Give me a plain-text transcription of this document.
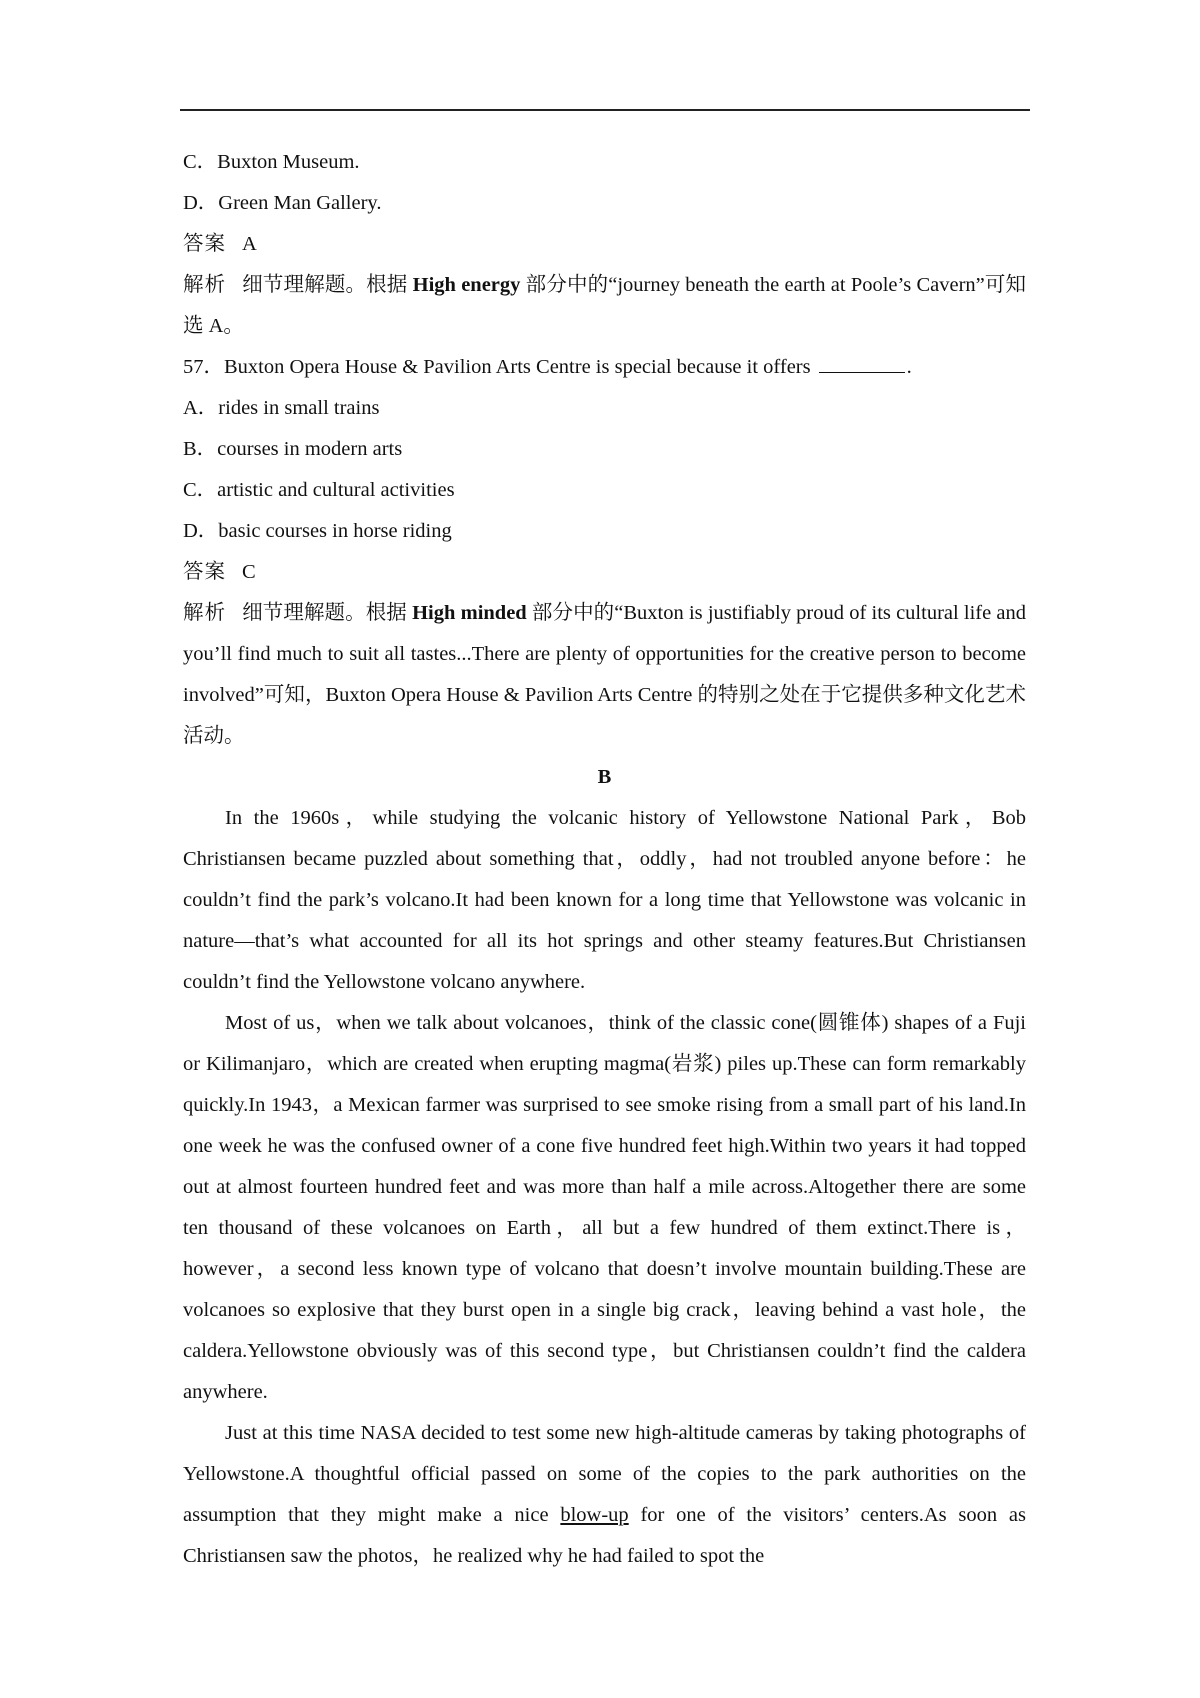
C．Buxton Museum.
D．Green Man Gallery.
答案 A
解析 细节理解题。根据 High energy 部分中的“journey beneath the earth at Poole’s Cavern”可知选 A。
57．Buxton Opera House & Pavilion Arts Centre is special because it offers	.
A．rides in small trains
B．courses in modern arts
C．artistic and cultural activities
D．basic courses in horse riding
答案 C
解析 细节理解题。根据 High minded 部分中的“Buxton is justifiably proud of its cultural life and you’ll find much to suit all tastes...There are plenty of opportunities for the creative person to become involved”可知，Buxton Opera House & Pavilion Arts Centre 的特别之处在于它提供多种文化艺术活动。
B
In the 1960s，while studying the volcanic history of Yellowstone National Park，Bob Christiansen became puzzled about something that，oddly，had not troubled anyone before：he couldn’t find the park’s volcano.It had been known for a long time that Yellowstone was volcanic in nature—that’s what accounted for all its hot springs and other steamy features.But Christiansen couldn’t find the Yellowstone volcano anywhere.
Most of us，when we talk about volcanoes，think of the classic cone(圆锥体) shapes of a Fuji or Kilimanjaro，which are created when erupting magma(岩浆) piles up.These can form remarkably quickly.In 1943，a Mexican farmer was surprised to see smoke rising from a small part of his land.In one week he was the confused owner of a cone five hundred feet high.Within two years it had topped out at almost fourteen hundred feet and was more than half a mile across.Altogether there are some ten thousand of these volcanoes on Earth，all but a few hundred of them extinct.There is，however，a second less known type of volcano that doesn’t involve mountain building.These are volcanoes so explosive that they burst open in a single big crack，leaving behind a vast hole，the caldera.Yellowstone obviously was of this second type，but Christiansen couldn’t find the caldera anywhere.
Just at this time NASA decided to test some new high-altitude cameras by taking photographs of Yellowstone.A thoughtful official passed on some of the copies to the park authorities on the assumption that they might make a nice blow-up for one of the visitors’ centers.As soon as Christiansen saw the photos，he realized why he had failed to spot the
